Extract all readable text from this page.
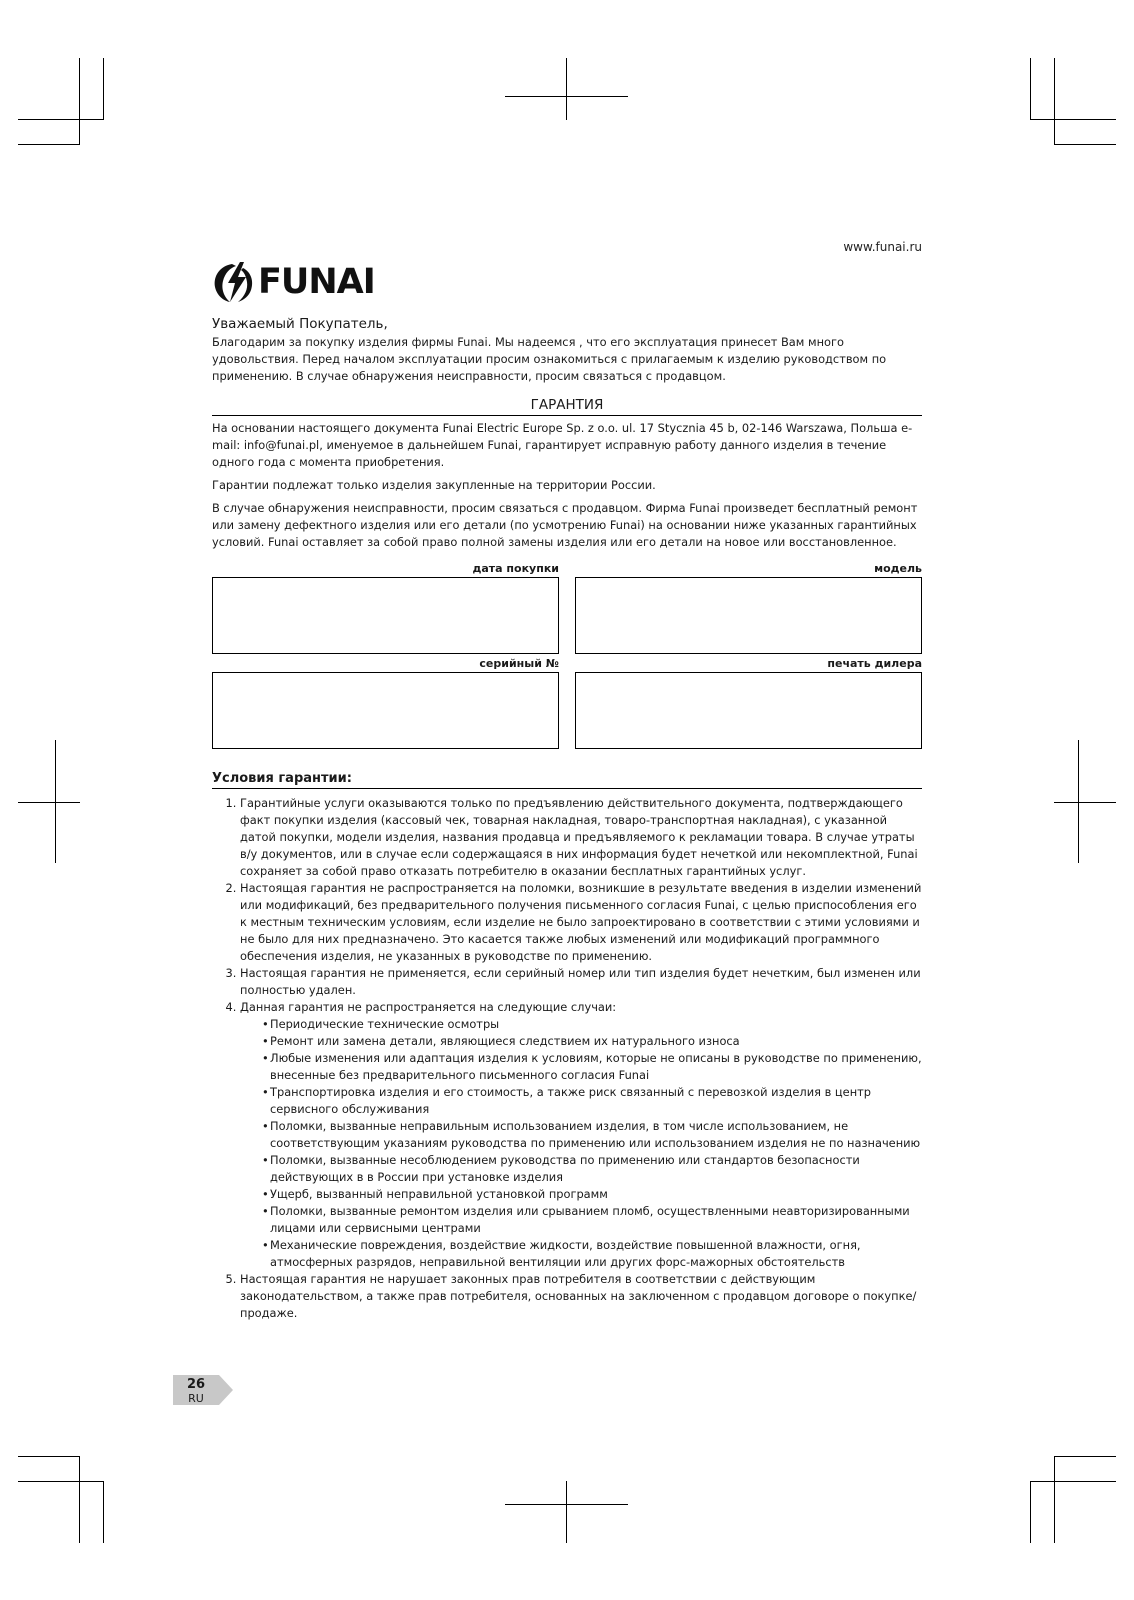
www.funai.ru
FUNAI
Уважаемый Покупатель,
Благодарим за покупку изделия фирмы Funai. Мы надеемся , что его эксплуатация принесет Вам много удовольствия. Перед началом эксплуатации просим ознакомиться с прилагаемым к изделию руководством по применению. В случае обнаружения неисправности, просим связаться с продавцом.
ГАРАНТИЯ
На основании настоящего документа Funai Electric Europe Sp. z o.o. ul. 17 Stycznia 45 b, 02-146 Warszawa, Польша e-mail: info@funai.pl, именуемое в дальнейшем Funai, гарантирует исправную работу данного изделия в течение одного года с момента приобретения.
Гарантии подлежат только изделия закупленные на территории России.
В случае обнаружения неисправности, просим связаться с продавцом. Фирма Funai произведет бесплатный ремонт или замену дефектного изделия или его детали (по усмотрению Funai) на основании ниже указанных гарантийных условий. Funai оставляет за собой право полной замены изделия или его детали на новое или восстановленное.
дата покупки	модель
серийный №	печать дилера
Условия гарантии:
1. Гарантийные услуги оказываются только по предъявлению действительного документа, подтверждающего факт покупки изделия (кассовый чек, товарная накладная, товаро-транспортная накладная), с указанной датой покупки, модели изделия, названия продавца и предъявляемого к рекламации товара. В случае утраты в/у документов, или в случае если содержащаяся в них информация будет нечеткой или некомплектной, Funai сохраняет за собой право отказать потребителю в оказании бесплатных гарантийных услуг.
2. Настоящая гарантия не распространяется на поломки, возникшие в результате введения в изделии изменений или модификаций, без предварительного получения письменного согласия Funai, с целью приспособления его к местным техническим условиям, если изделие не было запроектировано в соответствии с этими условиями и не было для них предназначено. Это касается также любых изменений или модификаций программного обеспечения изделия, не указанных в руководстве по применению.
3. Настоящая гарантия не применяется, если серийный номер или тип изделия будет нечетким, был изменен или полностью удален.
4. Данная гарантия не распространяется на следующие случаи:
• Периодические технические осмотры
• Ремонт или замена детали, являющиеся следствием их натурального износа
• Любые изменения или адаптация изделия к условиям, которые не описаны в руководстве по применению, внесенные без предварительного письменного согласия Funai
• Транспортировка изделия и его стоимость, а также риск связанный с перевозкой изделия в центр сервисного обслуживания
• Поломки, вызванные неправильным использованием изделия, в том числе использованием, не соответствующим указаниям руководства по применению или использованием изделия не по назначению
• Поломки, вызванные несоблюдением руководства по применению или стандартов безопасности действующих в в России при установке изделия
• Ущерб, вызванный неправильной установкой программ
• Поломки, вызванные ремонтом изделия или срыванием пломб, осуществленными неавторизированными лицами или сервисными центрами
• Механические повреждения, воздействие жидкости, воздействие повышенной влажности, огня, атмосферных разрядов, неправильной вентиляции или других форс-мажорных обстоятельств
5. Настоящая гарантия не нарушает законных прав потребителя в соответствии с действующим законодательством, а также прав потребителя, основанных на заключенном с продавцом договоре о покупке/продаже.
26
RU
